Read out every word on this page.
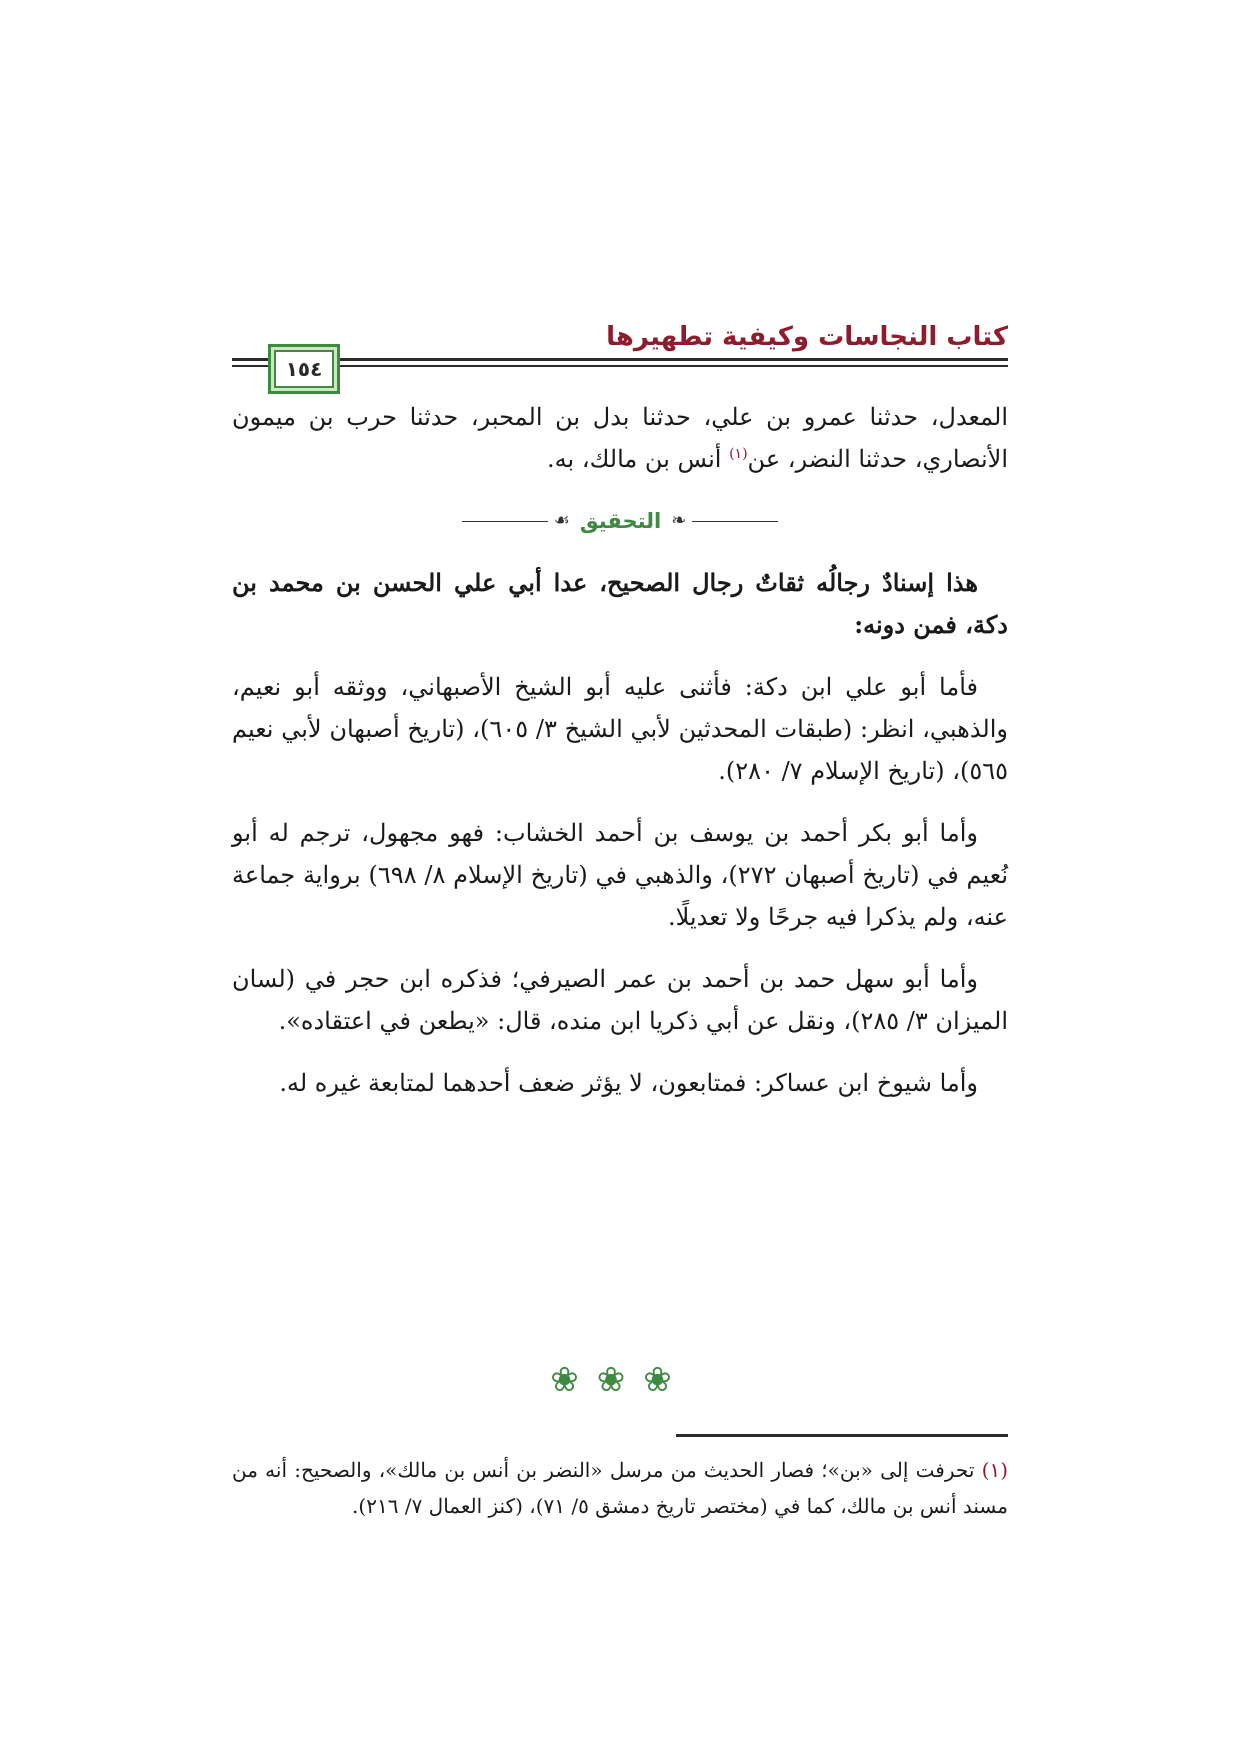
كتاب النجاسات وكيفية تطهيرها
١٥٤

المعدل، حدثنا عمرو بن علي، حدثنا بدل بن المحبر، حدثنا حرب بن ميمون الأنصاري، حدثنا النضر، عن$^{(١)}$ أنس بن مالك، به.

❧
التحقيق
☙

هذا إسنادٌ رجالُه ثقاتٌ رجال الصحيح، عدا أبي علي الحسن بن محمد بن دكة، فمن دونه:

فأما أبو علي ابن دكة: فأثنى عليه أبو الشيخ الأصبهاني، ووثقه أبو نعيم، والذهبي، انظر: (طبقات المحدثين لأبي الشيخ ٣/ ٦٠٥)، (تاريخ أصبهان لأبي نعيم ٥٦٥)، (تاريخ الإسلام ٧/ ٢٨٠).

وأما أبو بكر أحمد بن يوسف بن أحمد الخشاب: فهو مجهول، ترجم له أبو نُعيم في (تاريخ أصبهان ٢٧٢)، والذهبي في (تاريخ الإسلام ٨/ ٦٩٨) برواية جماعة عنه، ولم يذكرا فيه جرحًا ولا تعديلًا.

وأما أبو سهل حمد بن أحمد بن عمر الصيرفي؛ فذكره ابن حجر في (لسان الميزان ٣/ ٢٨٥)، ونقل عن أبي ذكريا ابن منده، قال: «يطعن في اعتقاده».

وأما شيوخ ابن عساكر: فمتابعون، لا يؤثر ضعف أحدهما لمتابعة غيره له.

❀❀❀
(١) تحرفت إلى «بن»؛ فصار الحديث من مرسل «النضر بن أنس بن مالك»، والصحيح: أنه من مسند أنس بن مالك، كما في (مختصر تاريخ دمشق ٥/ ٧١)، (كنز العمال ٧/ ٢١٦).
